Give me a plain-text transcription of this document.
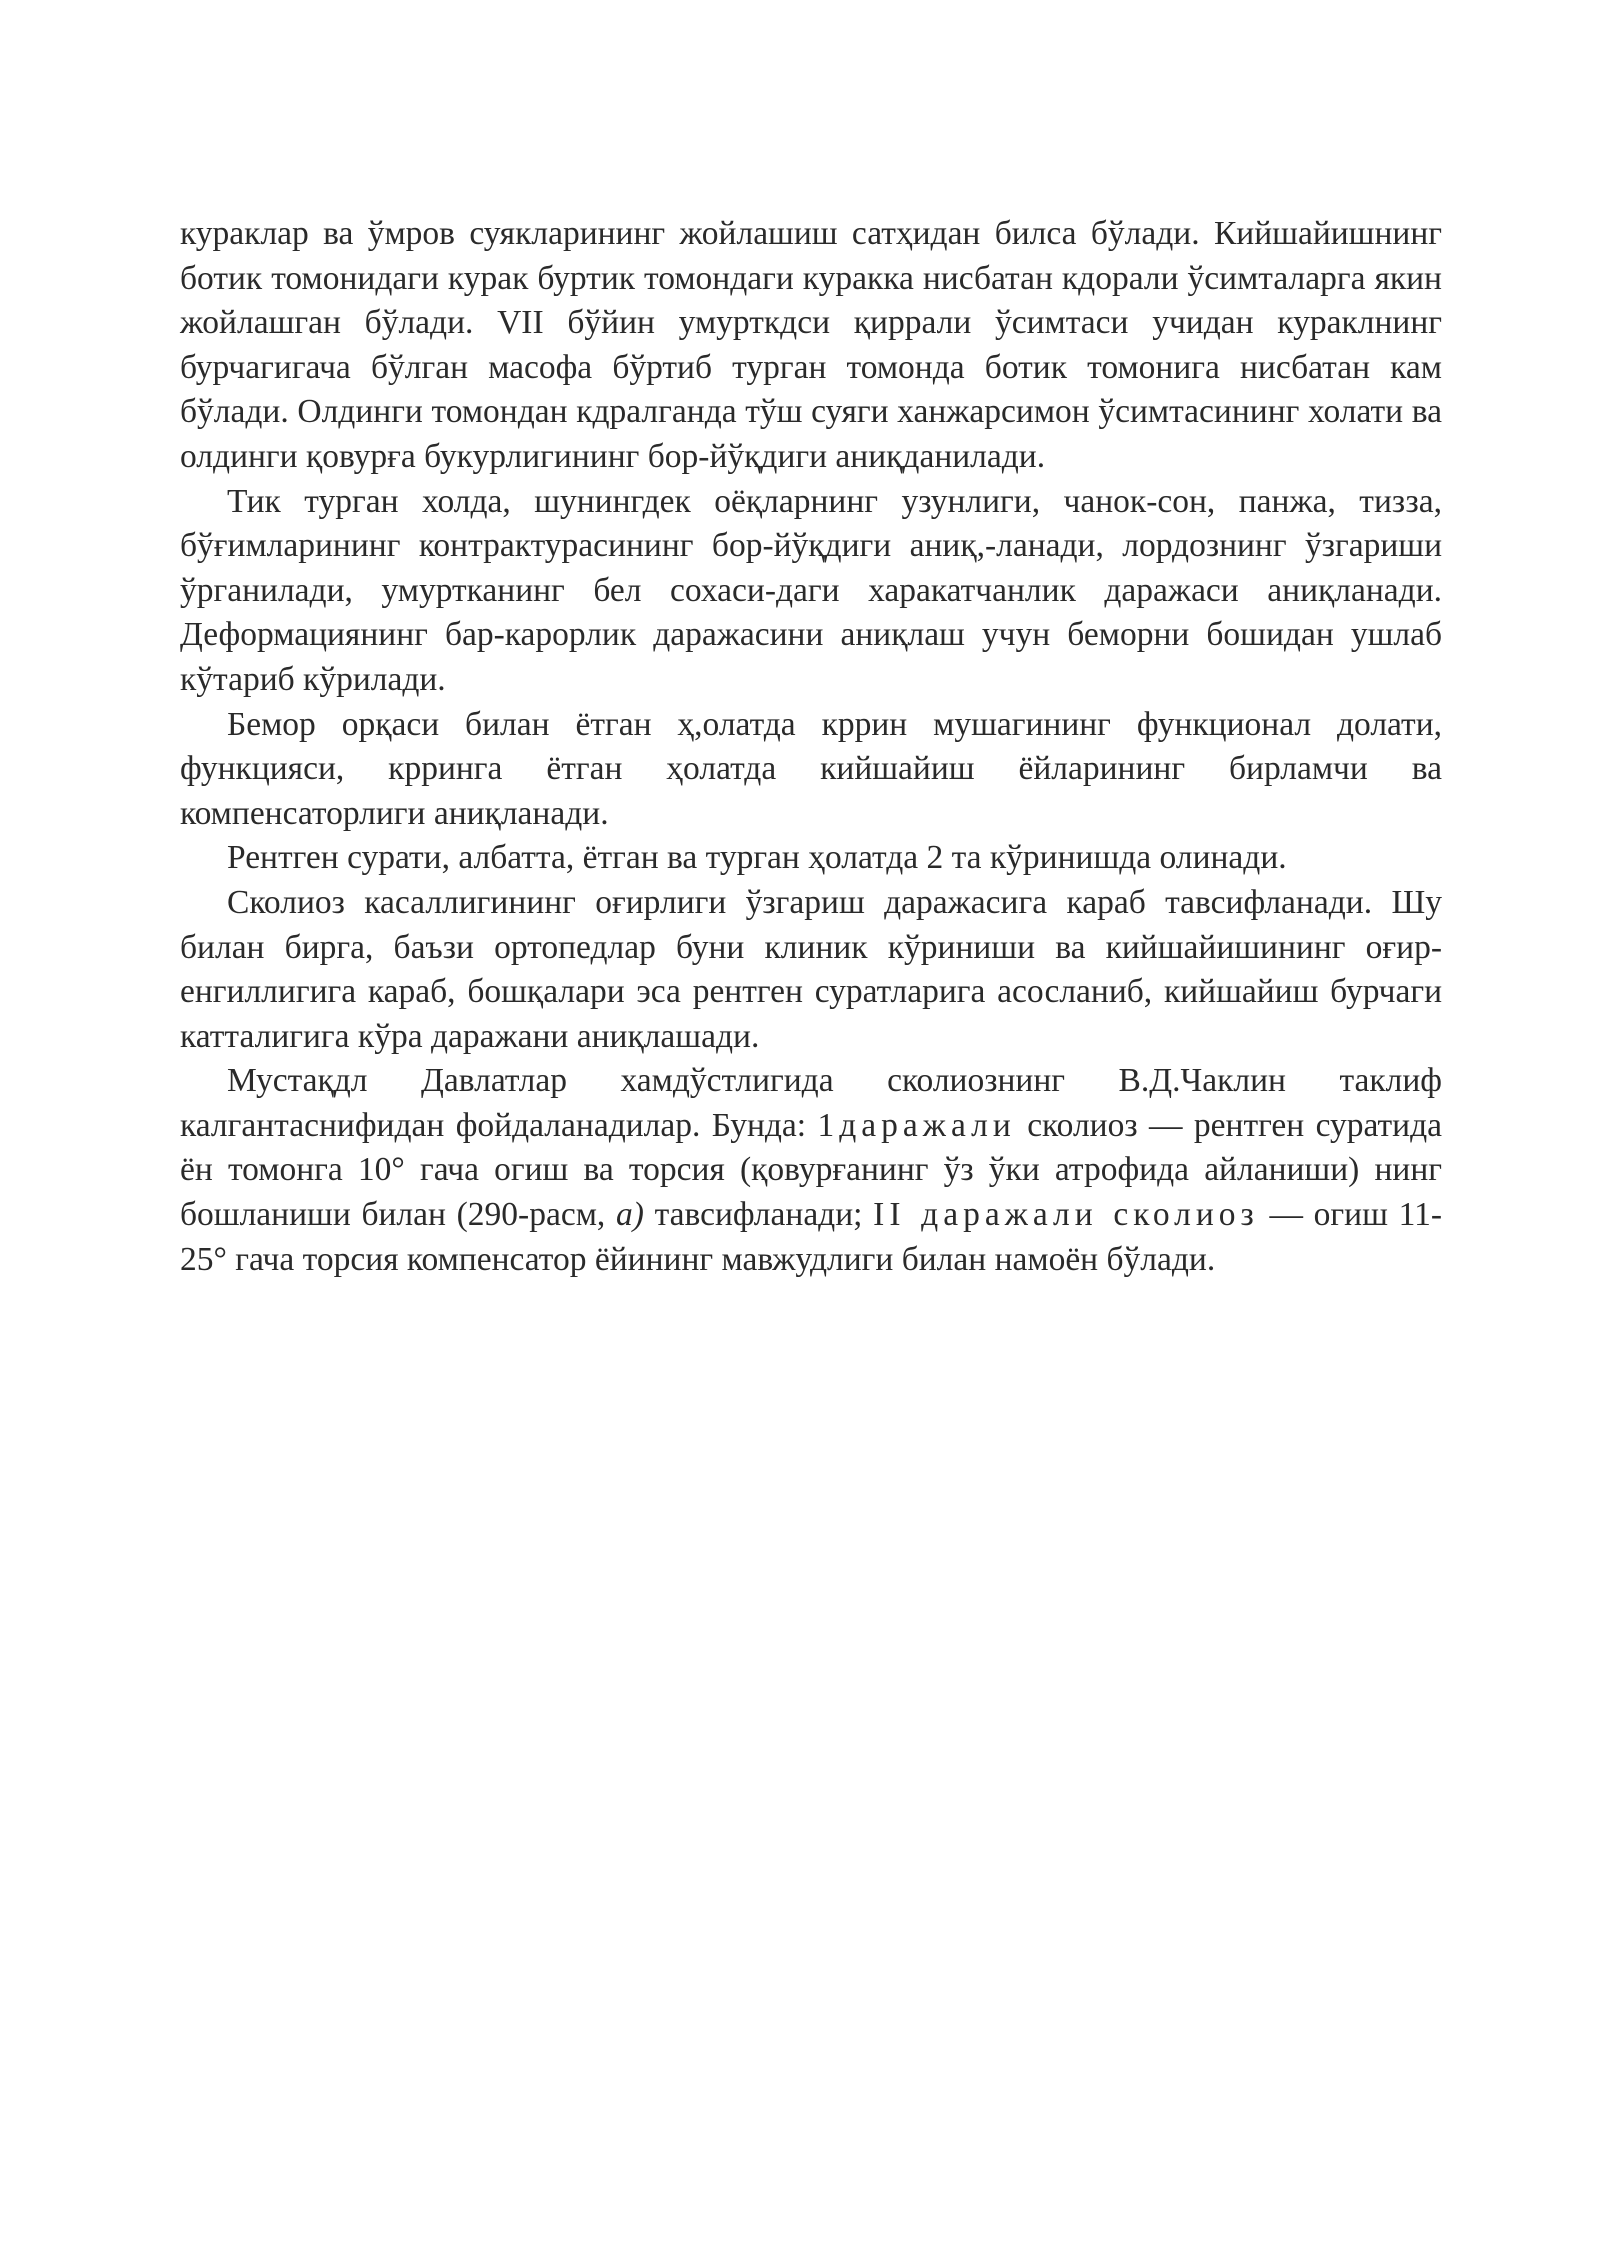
кураклар ва ўмров суякларининг жойлашиш сатҳидан билса бўлади. Кийшайишнинг ботик томонидаги курак буртик томондаги куракка нисбатан кдорали ўсимталарга якин жойлашган бўлади. VII бўйин умурткдси қиррали ўсимтаси учидан кураклнинг бурчагигача бўлган масофа бўртиб турган томонда ботик томонига нисбатан кам бўлади. Олдинги томондан кдралганда тўш суяги ханжарсимон ўсимтасининг холати ва олдинги қовурға букурлигининг бор-йўқдиги аниқданилади.

Тик турган холда, шунингдек оёқларнинг узунлиги, чанок-сон, панжа, тизза, бўғимларининг контрактурасининг бор-йўқдиги аниқ,-ланади, лордознинг ўзгариши ўрганилади, умуртканинг бел сохаси-даги харакатчанлик даражаси аниқланади. Деформациянинг бар-карорлик даражасини аниқлаш учун беморни бошидан ушлаб кўтариб кўрилади.

Бемор орқаси билан ётган ҳ,олатда кррин мушагининг функционал долати, функцияси, кррингa ётган ҳолатда кийшайиш ёйларининг бирламчи ва компенсаторлиги аниқланади.

Рентген сурати, албатта, ётган ва турган ҳолатда 2 та кўринишда олинади.

Сколиоз касаллигининг оғирлиги ўзгариш даражасига караб тавсифланади. Шу билан бирга, баъзи ортопедлар буни клиник кўриниши ва кийшайишининг оғир-енгиллигига караб, бошқалари эса рентген суратларига асосланиб, кийшайиш бурчаги катталигига кўра даражани аниқлашади.

Мустақдл Давлатлар хамдўстлигида сколиознинг В.Д.Чаклин таклиф калгантаснифидан фойдаланадилар. Бунда: 1даражали сколиоз — рентген суратида ён томонга 10° гача огиш ва торсия (қовурғанинг ўз ўки атрофида айланиши) нинг бошланиши билан (290-расм, а) тавсифланади; II даражали сколиоз — огиш 11-25° гача торсия компенсатор ёйининг мавжудлиги билан намоён бўлади.
